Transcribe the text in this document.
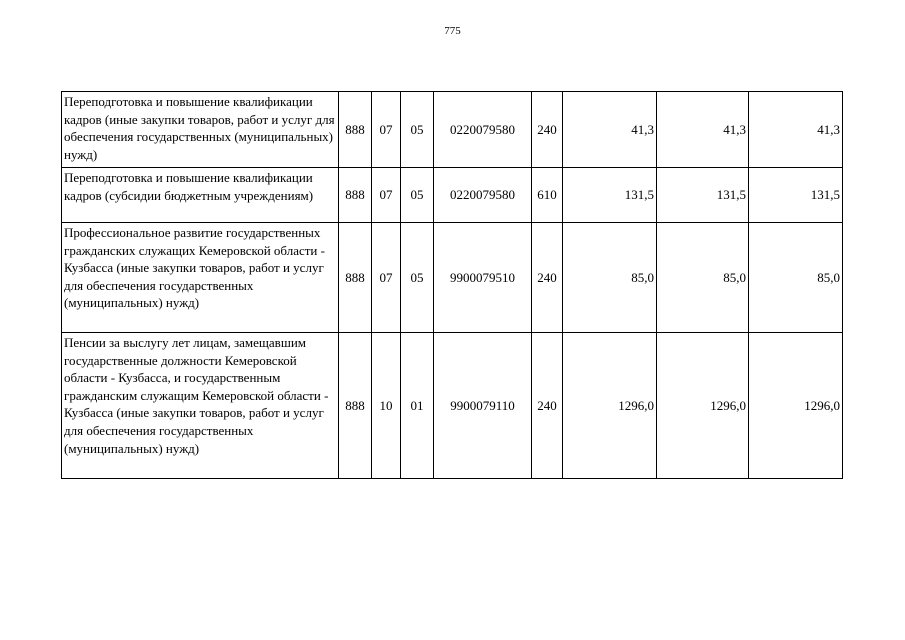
775
Переподготовка и повышение квалификации кадров (иные закупки товаров, работ и услуг для обеспечения государственных (муниципальных) нужд)	888	07	05	0220079580	240	41,3	41,3	41,3
Переподготовка и повышение квалификации кадров (субсидии бюджетным учреждениям)	888	07	05	0220079580	610	131,5	131,5	131,5
Профессиональное развитие государственных гражданских служащих Кемеровской области - Кузбасса (иные закупки товаров, работ и услуг для обеспечения государственных (муниципальных) нужд)	888	07	05	9900079510	240	85,0	85,0	85,0
Пенсии за выслугу лет лицам, замещавшим государственные должности Кемеровской области - Кузбасса, и государственным гражданским служащим Кемеровской области - Кузбасса (иные закупки товаров, работ и услуг для обеспечения государственных (муниципальных) нужд)	888	10	01	9900079110	240	1296,0	1296,0	1296,0
